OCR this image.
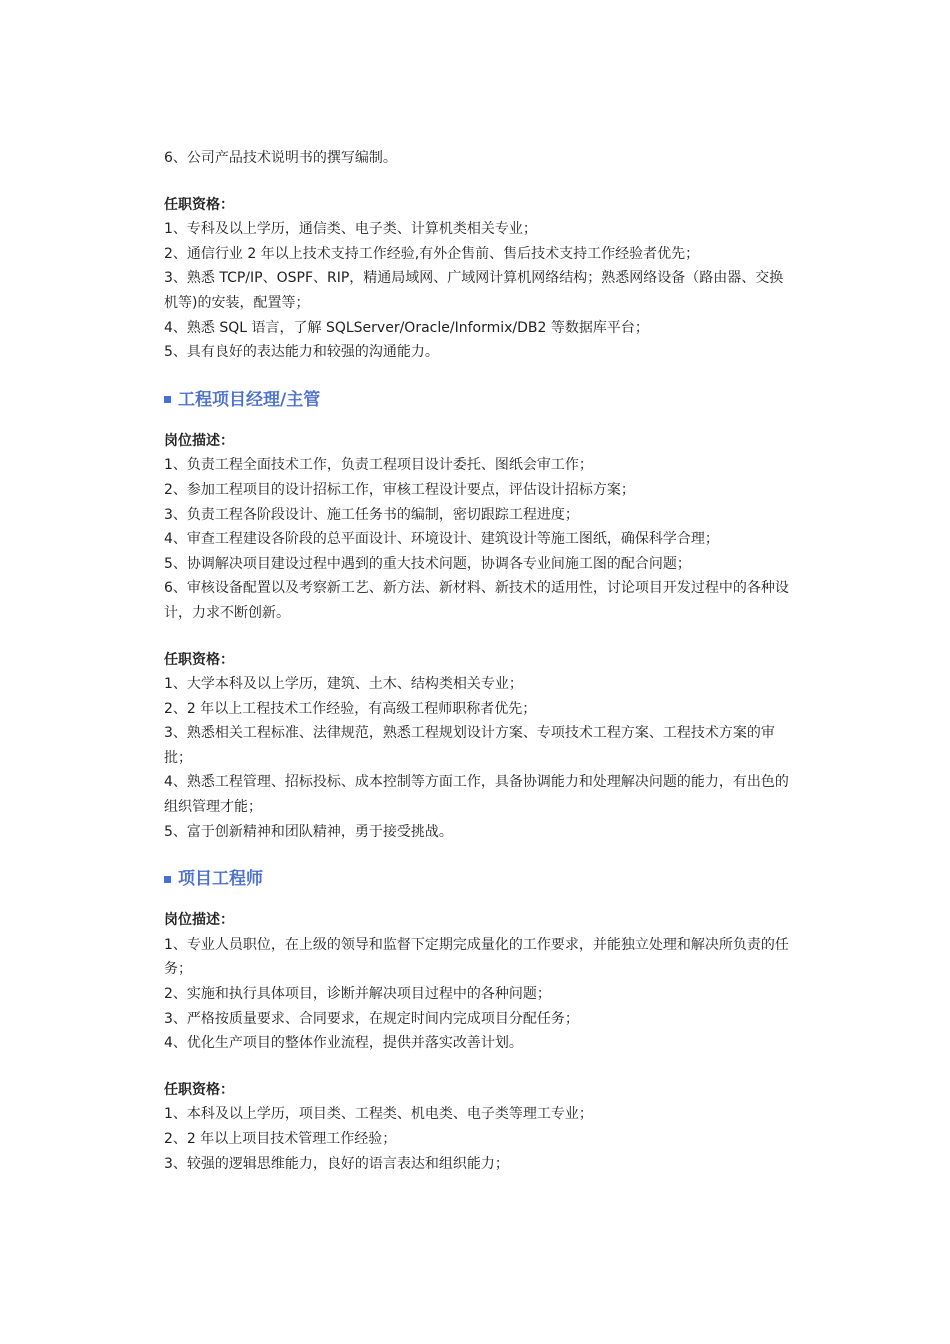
6、公司产品技术说明书的撰写编制。
任职资格：
1、专科及以上学历，通信类、电子类、计算机类相关专业；
2、通信行业 2 年以上技术支持工作经验,有外企售前、售后技术支持工作经验者优先；
3、熟悉 TCP/IP、OSPF、RIP，精通局域网、广域网计算机网络结构；熟悉网络设备（路由器、交换机等)的安装，配置等；
4、熟悉 SQL 语言，了解 SQLServer/Oracle/Informix/DB2 等数据库平台；
5、具有良好的表达能力和较强的沟通能力。
工程项目经理/主管
岗位描述：
1、负责工程全面技术工作，负责工程项目设计委托、图纸会审工作；
2、参加工程项目的设计招标工作，审核工程设计要点，评估设计招标方案；
3、负责工程各阶段设计、施工任务书的编制，密切跟踪工程进度；
4、审查工程建设各阶段的总平面设计、环境设计、建筑设计等施工图纸，确保科学合理；
5、协调解决项目建设过程中遇到的重大技术问题，协调各专业间施工图的配合问题；
6、审核设备配置以及考察新工艺、新方法、新材料、新技术的适用性，讨论项目开发过程中的各种设计，力求不断创新。
任职资格：
1、大学本科及以上学历，建筑、土木、结构类相关专业；
2、2 年以上工程技术工作经验，有高级工程师职称者优先；
3、熟悉相关工程标准、法律规范，熟悉工程规划设计方案、专项技术工程方案、工程技术方案的审批；
4、熟悉工程管理、招标投标、成本控制等方面工作，具备协调能力和处理解决问题的能力，有出色的组织管理才能；
5、富于创新精神和团队精神，勇于接受挑战。
项目工程师
岗位描述：
1、专业人员职位，在上级的领导和监督下定期完成量化的工作要求，并能独立处理和解决所负责的任务；
2、实施和执行具体项目，诊断并解决项目过程中的各种问题；
3、严格按质量要求、合同要求，在规定时间内完成项目分配任务；
4、优化生产项目的整体作业流程，提供并落实改善计划。
任职资格：
1、本科及以上学历，项目类、工程类、机电类、电子类等理工专业；
2、2 年以上项目技术管理工作经验；
3、较强的逻辑思维能力，良好的语言表达和组织能力；
